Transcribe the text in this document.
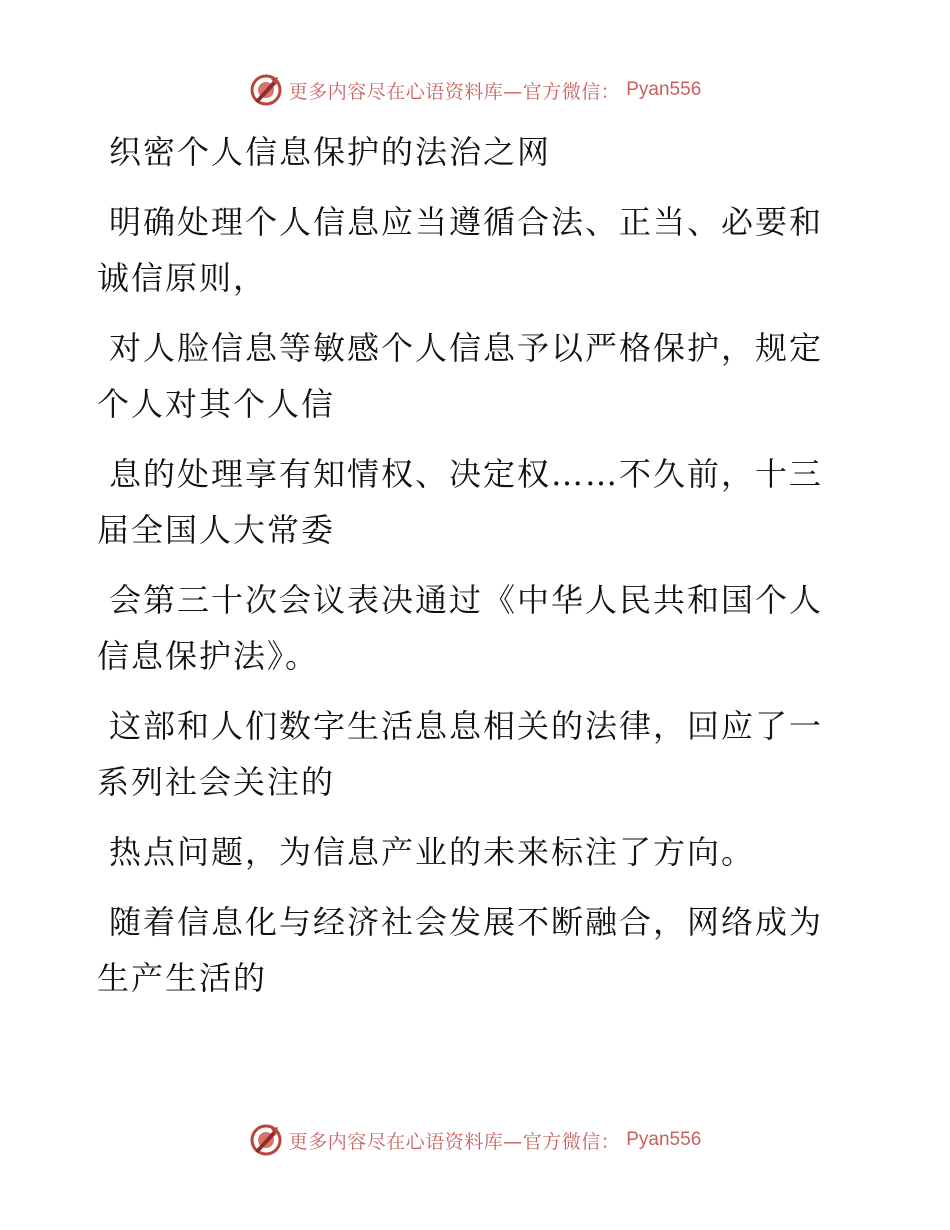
更多内容尽在心语资料库—官方微信： Pyan556

织密个人信息保护的法治之网

明确处理个人信息应当遵循合法、正当、必要和诚信原则，

对人脸信息等敏感个人信息予以严格保护，规定个人对其个人信

息的处理享有知情权、决定权……不久前，十三届全国人大常委

会第三十次会议表决通过《中华人民共和国个人信息保护法》。

这部和人们数字生活息息相关的法律，回应了一系列社会关注的

热点问题，为信息产业的未来标注了方向。

随着信息化与经济社会发展不断融合，网络成为生产生活的

更多内容尽在心语资料库—官方微信： Pyan556
